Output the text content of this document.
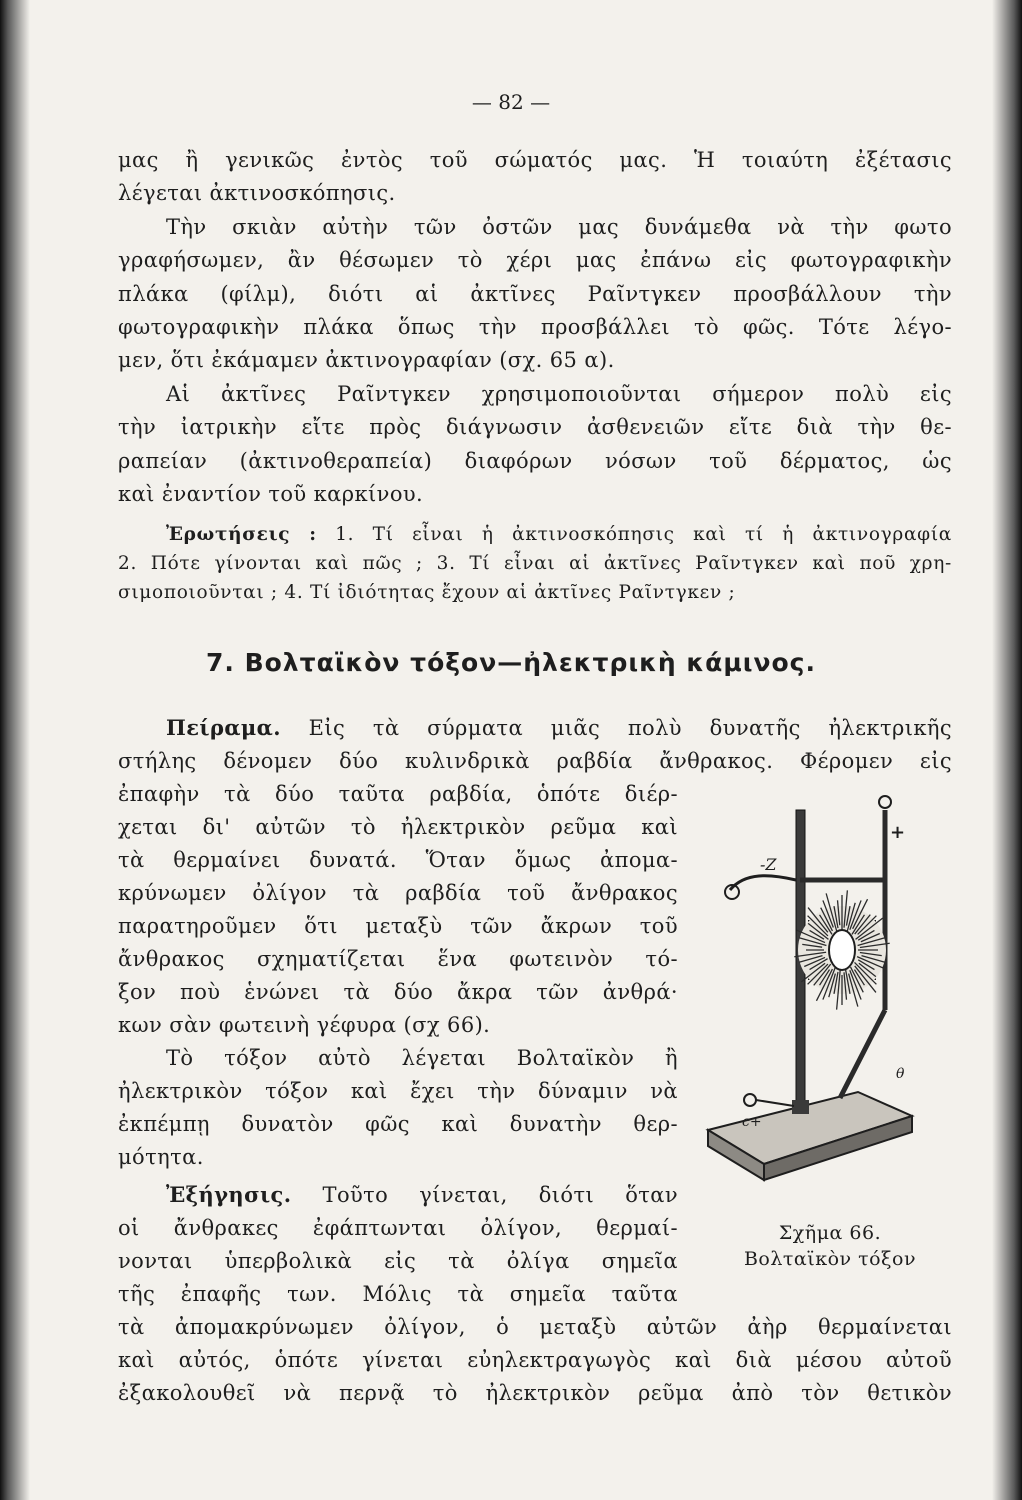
— 82 —
μας ἢ γενικῶς ἐντὸς τοῦ σώματός μας. Ἡ τοιαύτη ἐξέτασις
λέγεται ἀκτινοσκόπησις.
Τὴν σκιὰν αὐτὴν τῶν ὀστῶν μας δυνάμεθα νὰ τὴν φωτο
γραφήσωμεν, ἂν θέσωμεν τὸ χέρι μας ἐπάνω εἰς φωτογραφικὴν
πλάκα (φίλμ), διότι αἱ ἀκτῖνες Ραῖντγκεν προσβάλλουν τὴν
φωτογραφικὴν πλάκα ὅπως τὴν προσβάλλει τὸ φῶς. Τότε λέγο-
μεν, ὅτι ἐκάμαμεν ἀκτινογραφίαν (σχ. 65 α).
Αἱ ἀκτῖνες Ραῖντγκεν χρησιμοποιοῦνται σήμερον πολὺ εἰς
τὴν ἰατρικὴν εἴτε πρὸς διάγνωσιν ἀσθενειῶν εἴτε διὰ τὴν θε-
ραπείαν (ἀκτινοθεραπεία) διαφόρων νόσων τοῦ δέρματος, ὡς
καὶ ἐναντίον τοῦ καρκίνου.
Ἐρωτήσεις : 1. Τί εἶναι ἡ ἀκτινοσκόπησις καὶ τί ἡ ἀκτινογραφία
2. Πότε γίνονται καὶ πῶς ; 3. Τί εἶναι αἱ ἀκτῖνες Ραῖντγκεν καὶ ποῦ χρη-
σιμοποιοῦνται ; 4. Τί ἰδιότητας ἔχουν αἱ ἀκτῖνες Ραῖντγκεν ;
7. Βολταϊκὸν τόξον—ἠλεκτρικὴ κάμινος.
Πείραμα. Εἰς τὰ σύρματα μιᾶς πολὺ δυνατῆς ἠλεκτρικῆς
στήλης δένομεν δύο κυλινδρικὰ ραβδία ἄνθρακος. Φέρομεν εἰς
ἐπαφὴν τὰ δύο ταῦτα ραβδία, ὁπότε διέρ-
χεται δι' αὐτῶν τὸ ἠλεκτρικὸν ρεῦμα καὶ
τὰ θερμαίνει δυνατά. Ὅταν ὅμως ἀπομα-
κρύνωμεν ὀλίγον τὰ ραβδία τοῦ ἄνθρακος
παρατηροῦμεν ὅτι μεταξὺ τῶν ἄκρων τοῦ
ἄνθρακος σχηματίζεται ἕνα φωτεινὸν τό-
ξον ποὺ ἑνώνει τὰ δύο ἄκρα τῶν ἀνθρά·
κων σὰν φωτεινὴ γέφυρα (σχ 66).
Τὸ τόξον αὐτὸ λέγεται Βολταϊκὸν ἢ
ἠλεκτρικὸν τόξον καὶ ἔχει τὴν δύναμιν νὰ
ἐκπέμπῃ δυνατὸν φῶς καὶ δυνατὴν θερ-
μότητα.
Ἐξήγησις. Τοῦτο γίνεται, διότι ὅταν
οἱ ἄνθρακες ἐφάπτωνται ὀλίγον, θερμαί-
νονται ὑπερβολικὰ εἰς τὰ ὀλίγα σημεῖα
τῆς ἐπαφῆς των. Μόλις τὰ σημεῖα ταῦτα
τὰ ἀπομακρύνωμεν ὀλίγον, ὁ μεταξὺ αὐτῶν ἀὴρ θερμαίνεται
καὶ αὐτός, ὁπότε γίνεται εὐηλεκτραγωγὸς καὶ διὰ μέσου αὐτοῦ
ἐξακολουθεῖ νὰ περνᾷ τὸ ἠλεκτρικὸν ρεῦμα ἀπὸ τὸν θετικὸν
-Z
+
θ
c+
Σχῆμα 66.
Βολταϊκὸν τόξον
